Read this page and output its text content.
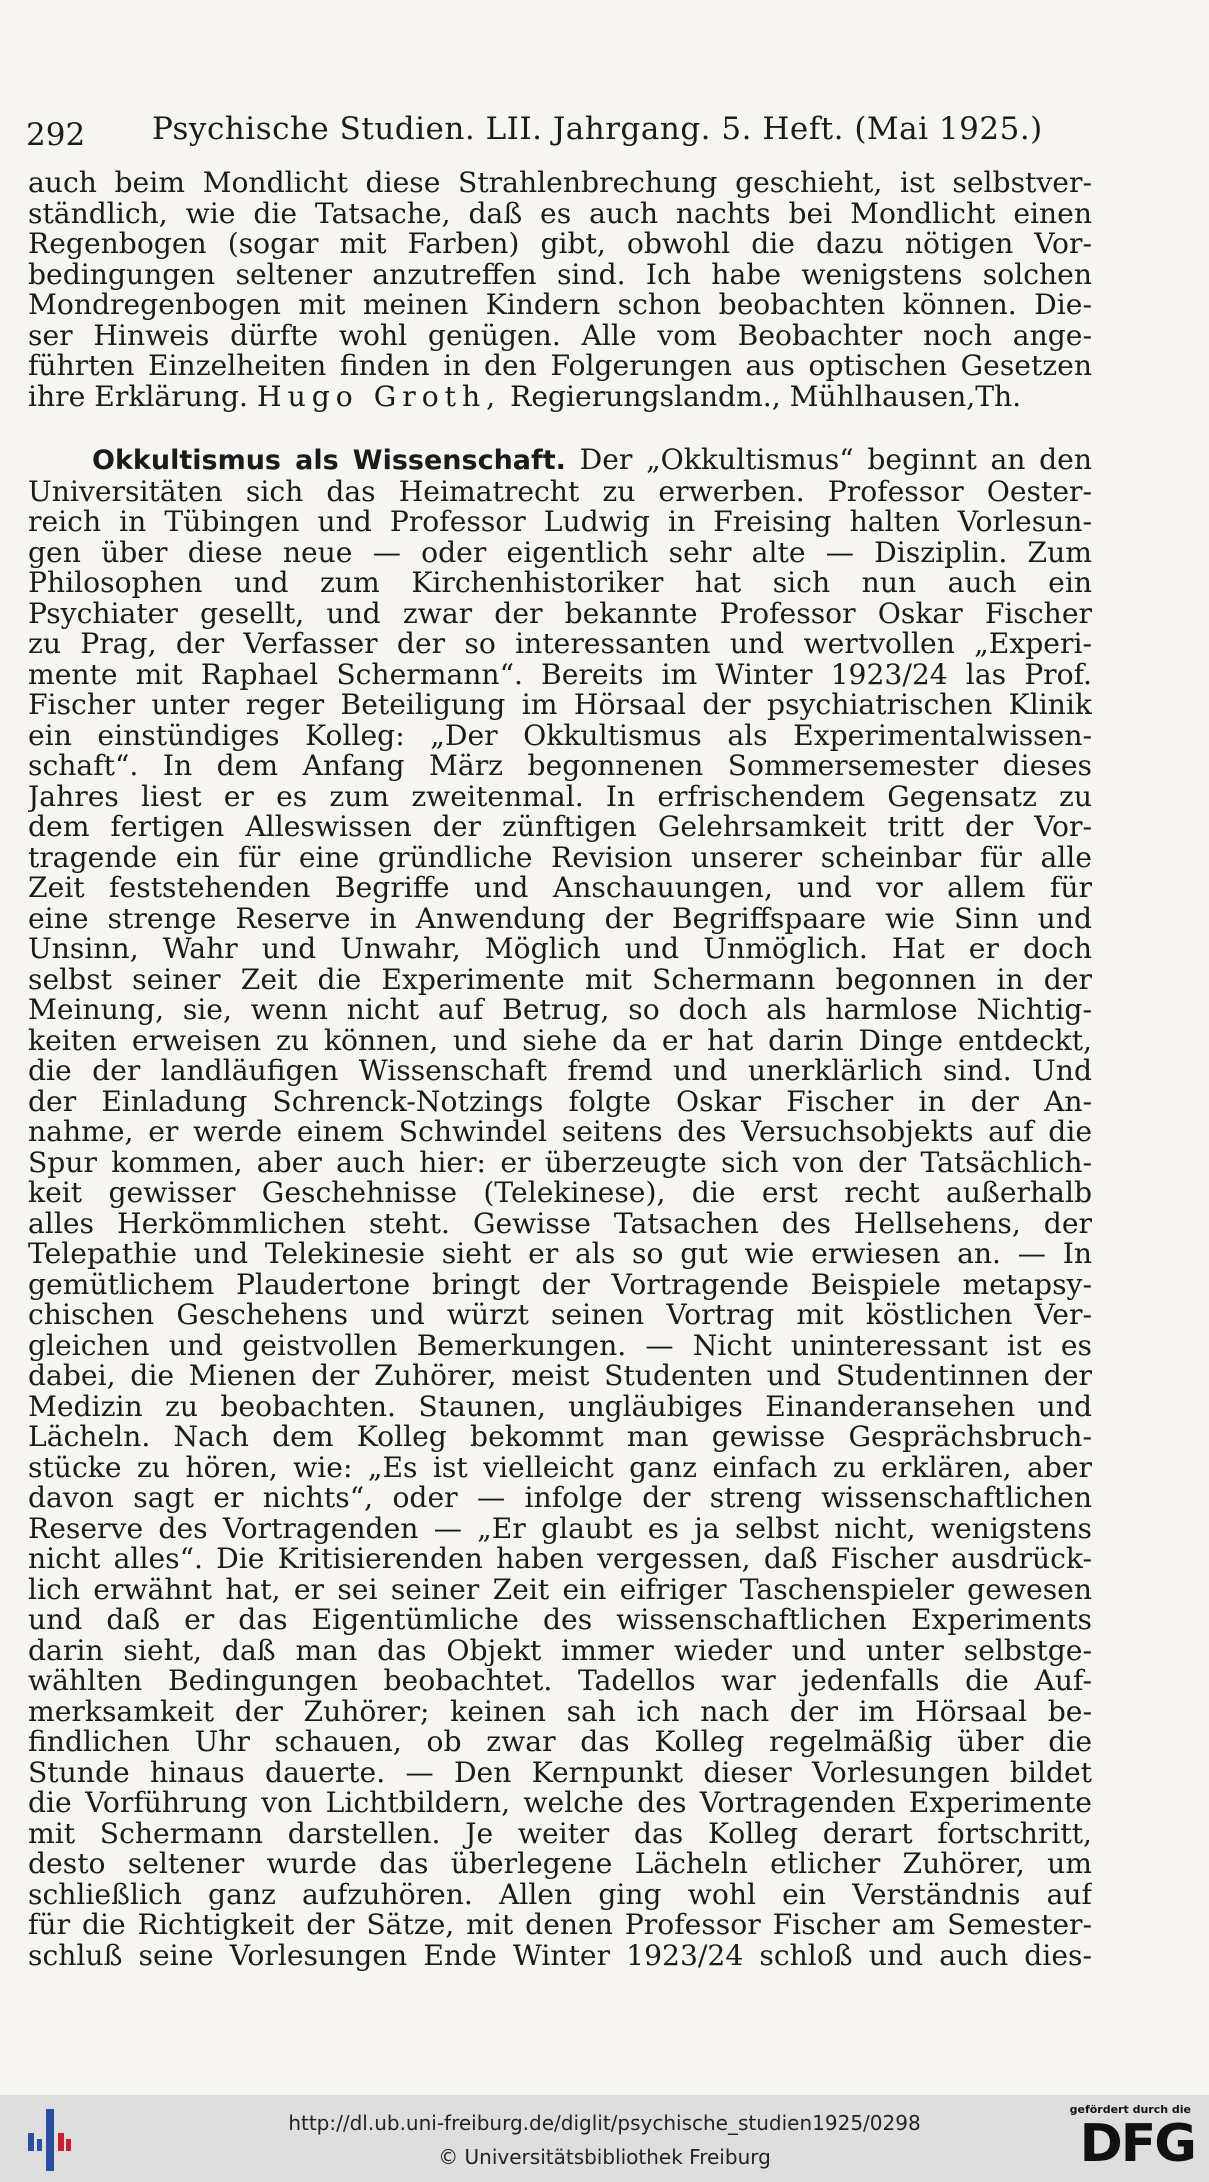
292 Psychische Studien. LII. Jahrgang. 5. Heft. (Mai 1925.)
auch beim Mondlicht diese Strahlenbrechung geschieht, ist selbstver-
ständlich, wie die Tatsache, daß es auch nachts bei Mondlicht einen
Regenbogen (sogar mit Farben) gibt, obwohl die dazu nötigen Vor-
bedingungen seltener anzutreffen sind. Ich habe wenigstens solchen
Mondregenbogen mit meinen Kindern schon beobachten können. Die-
ser Hinweis dürfte wohl genügen. Alle vom Beobachter noch ange-
führten Einzelheiten finden in den Folgerungen aus optischen Gesetzen
ihre Erklärung. Hugo Groth, Regierungslandm., Mühlhausen,Th.
Okkultismus als Wissenschaft. Der „Okkultismus“ beginnt an den
Universitäten sich das Heimatrecht zu erwerben. Professor Oester-
reich in Tübingen und Professor Ludwig in Freising halten Vorlesun-
gen über diese neue — oder eigentlich sehr alte — Disziplin. Zum
Philosophen und zum Kirchenhistoriker hat sich nun auch ein
Psychiater gesellt, und zwar der bekannte Professor Oskar Fischer
zu Prag, der Verfasser der so interessanten und wertvollen „Experi-
mente mit Raphael Schermann“. Bereits im Winter 1923/24 las Prof.
Fischer unter reger Beteiligung im Hörsaal der psychiatrischen Klinik
ein einstündiges Kolleg: „Der Okkultismus als Experimentalwissen-
schaft“. In dem Anfang März begonnenen Sommersemester dieses
Jahres liest er es zum zweitenmal. In erfrischendem Gegensatz zu
dem fertigen Alleswissen der zünftigen Gelehrsamkeit tritt der Vor-
tragende ein für eine gründliche Revision unserer scheinbar für alle
Zeit feststehenden Begriffe und Anschauungen, und vor allem für
eine strenge Reserve in Anwendung der Begriffspaare wie Sinn und
Unsinn, Wahr und Unwahr, Möglich und Unmöglich. Hat er doch
selbst seiner Zeit die Experimente mit Schermann begonnen in der
Meinung, sie, wenn nicht auf Betrug, so doch als harmlose Nichtig-
keiten erweisen zu können, und siehe da er hat darin Dinge entdeckt,
die der landläufigen Wissenschaft fremd und unerklärlich sind. Und
der Einladung Schrenck-Notzings folgte Oskar Fischer in der An-
nahme, er werde einem Schwindel seitens des Versuchsobjekts auf die
Spur kommen, aber auch hier: er überzeugte sich von der Tatsächlich-
keit gewisser Geschehnisse (Telekinese), die erst recht außerhalb
alles Herkömmlichen steht. Gewisse Tatsachen des Hellsehens, der
Telepathie und Telekinesie sieht er als so gut wie erwiesen an. — In
gemütlichem Plaudertone bringt der Vortragende Beispiele metapsy-
chischen Geschehens und würzt seinen Vortrag mit köstlichen Ver-
gleichen und geistvollen Bemerkungen. — Nicht uninteressant ist es
dabei, die Mienen der Zuhörer, meist Studenten und Studentinnen der
Medizin zu beobachten. Staunen, ungläubiges Einanderansehen und
Lächeln. Nach dem Kolleg bekommt man gewisse Gesprächsbruch-
stücke zu hören, wie: „Es ist vielleicht ganz einfach zu erklären, aber
davon sagt er nichts“, oder — infolge der streng wissenschaftlichen
Reserve des Vortragenden — „Er glaubt es ja selbst nicht, wenigstens
nicht alles“. Die Kritisierenden haben vergessen, daß Fischer ausdrück-
lich erwähnt hat, er sei seiner Zeit ein eifriger Taschenspieler gewesen
und daß er das Eigentümliche des wissenschaftlichen Experiments
darin sieht, daß man das Objekt immer wieder und unter selbstge-
wählten Bedingungen beobachtet. Tadellos war jedenfalls die Auf-
merksamkeit der Zuhörer; keinen sah ich nach der im Hörsaal be-
findlichen Uhr schauen, ob zwar das Kolleg regelmäßig über die
Stunde hinaus dauerte. — Den Kernpunkt dieser Vorlesungen bildet
die Vorführung von Lichtbildern, welche des Vortragenden Experimente
mit Schermann darstellen. Je weiter das Kolleg derart fortschritt,
desto seltener wurde das überlegene Lächeln etlicher Zuhörer, um
schließlich ganz aufzuhören. Allen ging wohl ein Verständnis auf
für die Richtigkeit der Sätze, mit denen Professor Fischer am Semester-
schluß seine Vorlesungen Ende Winter 1923/24 schloß und auch dies-
http://dl.ub.uni-freiburg.de/diglit/psychische_studien1925/0298
© Universitätsbibliothek Freiburg
gefördert durch die
DFG
